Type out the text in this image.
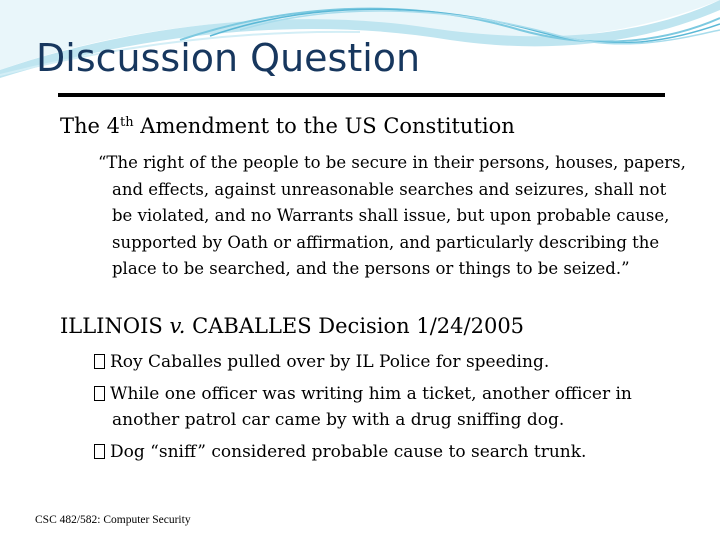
Discussion Question
The 4th Amendment to the US Constitution
“The right of the people to be secure in their persons, houses, papers, and effects, against unreasonable searches and seizures, shall not be violated, and no Warrants shall issue, but upon probable cause, supported by Oath or affirmation, and particularly describing the place to be searched, and the persons or things to be seized.”
ILLINOIS v. CABALLES Decision 1/24/2005
Roy Caballes pulled over by IL Police for speeding.
While one officer was writing him a ticket, another officer in another patrol car came by with a drug sniffing dog.
Dog “sniff” considered probable cause to search trunk.
CSC 482/582: Computer Security
